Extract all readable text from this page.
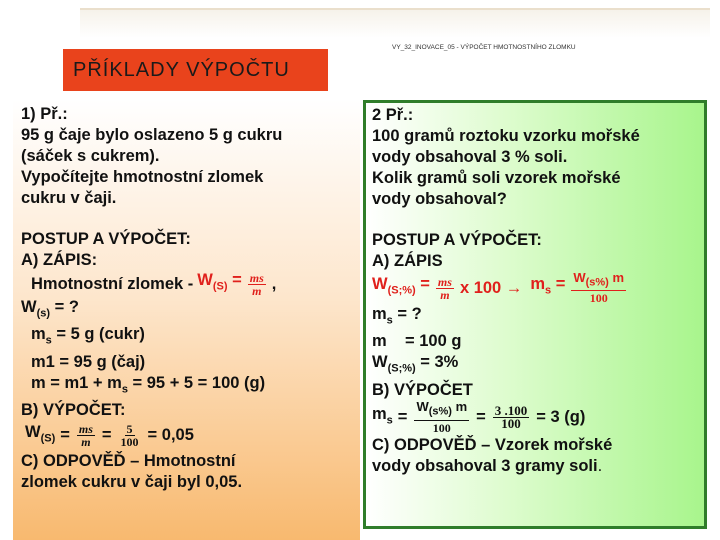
PŘÍKLADY VÝPOČTU
VY_32_INOVACE_05 - VÝPOČET HMOTNOSTNÍHO ZLOMKU
1) Př.:
95 g čaje bylo oslazeno 5 g cukru
(sáček s cukrem).
Vypočítejte hmotnostní zlomek
cukru v čaji.
POSTUP A VÝPOČET:
A) ZÁPIS:
Hmotnostní zlomek - $W_{(S)} = \frac{ms}{m}$ ,
$W_{(s)}$ = ?
$m_s = 5$ g (cukr)
m1 = 95 g (čaj)
$m = m1 + m_s = 95 + 5 = 100$ (g)
B) VÝPOČET:
$W_{(S)} = \frac{ms}{m} = \frac{5}{100} = 0,05$
C) ODPOVĚĎ – Hmotnostní
zlomek cukru v čaji byl 0,05.
2 Př.:
100 gramů roztoku vzorku mořské
vody obsahoval 3 % soli.
Kolik gramů soli vzorek mořské
vody obsahoval?
POSTUP A VÝPOČET:
A) ZÁPIS
$W_{(S;\%)} = \frac{ms}{m}$ x $100 \to m_s = \frac{W_{(s\%)} m}{100}$
$m_s$ = ?
m    = 100 g
$W_{(S;\%)} = 3\%$
B) VÝPOČET
$m_s = \frac{W_{(s\%)} m}{100} = \frac{3 .100}{100} = 3$ (g)
C) ODPOVĚĎ – Vzorek mořské
vody obsahoval 3 gramy soli.
